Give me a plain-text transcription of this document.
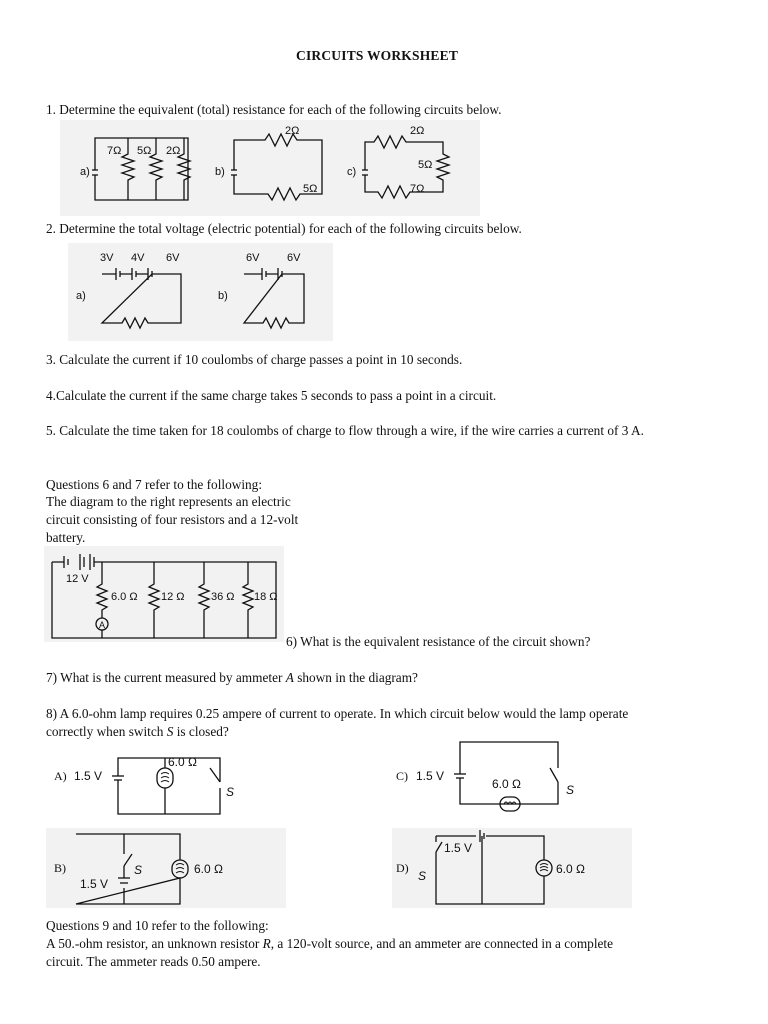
CIRCUITS WORKSHEET
1. Determine the equivalent (total) resistance for each of the following circuits below.
a)
7Ω 5Ω 2Ω
b)
2Ω
5Ω
c)
2Ω
5Ω
7Ω
2. Determine the total voltage (electric potential) for each of the following circuits below.
3V 4V 6V
a)
6V	6V
b)
3. Calculate the current if 10 coulombs of charge passes a point in 10 seconds.
4.Calculate the current if the same charge takes 5 seconds to pass a point in a circuit.
5. Calculate the time taken for 18 coulombs of charge to flow through a wire, if the wire carries a current of 3 A.
Questions 6 and 7 refer to the following:
The diagram to the right represents an electric
circuit consisting of four resistors and a 12-volt
battery.
12 V
A
6.0 Ω 12 Ω 36 Ω 18 Ω
6) What is the equivalent resistance of the circuit shown?
7) What is the current measured by ammeter A shown in the diagram?
8) A 6.0-ohm lamp requires 0.25 ampere of current to operate. In which circuit below would the lamp operate
correctly when switch S is closed?
A) 1.5 V
6.0 Ω
S
C) 1.5 V
6.0 Ω	S
B)	6.0 Ω
S
1.5 V
D)
1.5 V
S	6.0 Ω
Questions 9 and 10 refer to the following:
A 50.-ohm resistor, an unknown resistor R, a 120-volt source, and an ammeter are connected in a complete
circuit. The ammeter reads 0.50 ampere.
